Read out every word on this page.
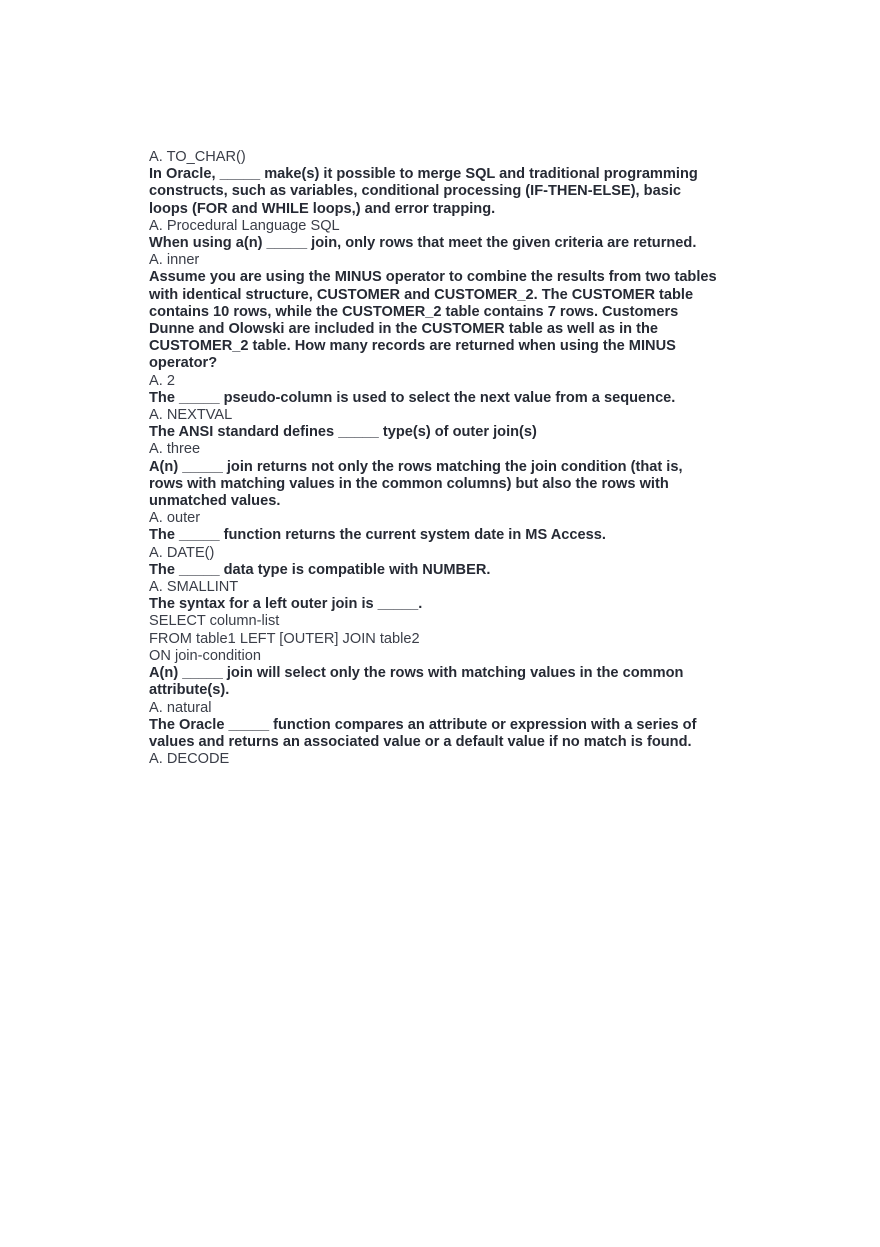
A. TO_CHAR()
In Oracle, _____ make(s) it possible to merge SQL and traditional programming
constructs, such as variables, conditional processing (IF-THEN-ELSE), basic
loops (FOR and WHILE loops,) and error trapping.
A. Procedural Language SQL
When using a(n) _____ join, only rows that meet the given criteria are returned.
A. inner
Assume you are using the MINUS operator to combine the results from two tables
with identical structure, CUSTOMER and CUSTOMER_2. The CUSTOMER table
contains 10 rows, while the CUSTOMER_2 table contains 7 rows. Customers
Dunne and Olowski are included in the CUSTOMER table as well as in the
CUSTOMER_2 table. How many records are returned when using the MINUS
operator?
A. 2
The _____ pseudo-column is used to select the next value from a sequence.
A. NEXTVAL
The ANSI standard defines _____ type(s) of outer join(s)
A. three
A(n) _____ join returns not only the rows matching the join condition (that is,
rows with matching values in the common columns) but also the rows with
unmatched values.
A. outer
The _____ function returns the current system date in MS Access.
A. DATE()
The _____ data type is compatible with NUMBER.
A. SMALLINT
The syntax for a left outer join is _____.
SELECT column-list
FROM table1 LEFT [OUTER] JOIN table2
ON join-condition
A(n) _____ join will select only the rows with matching values in the common
attribute(s).
A. natural
The Oracle _____ function compares an attribute or expression with a series of
values and returns an associated value or a default value if no match is found.
A. DECODE
